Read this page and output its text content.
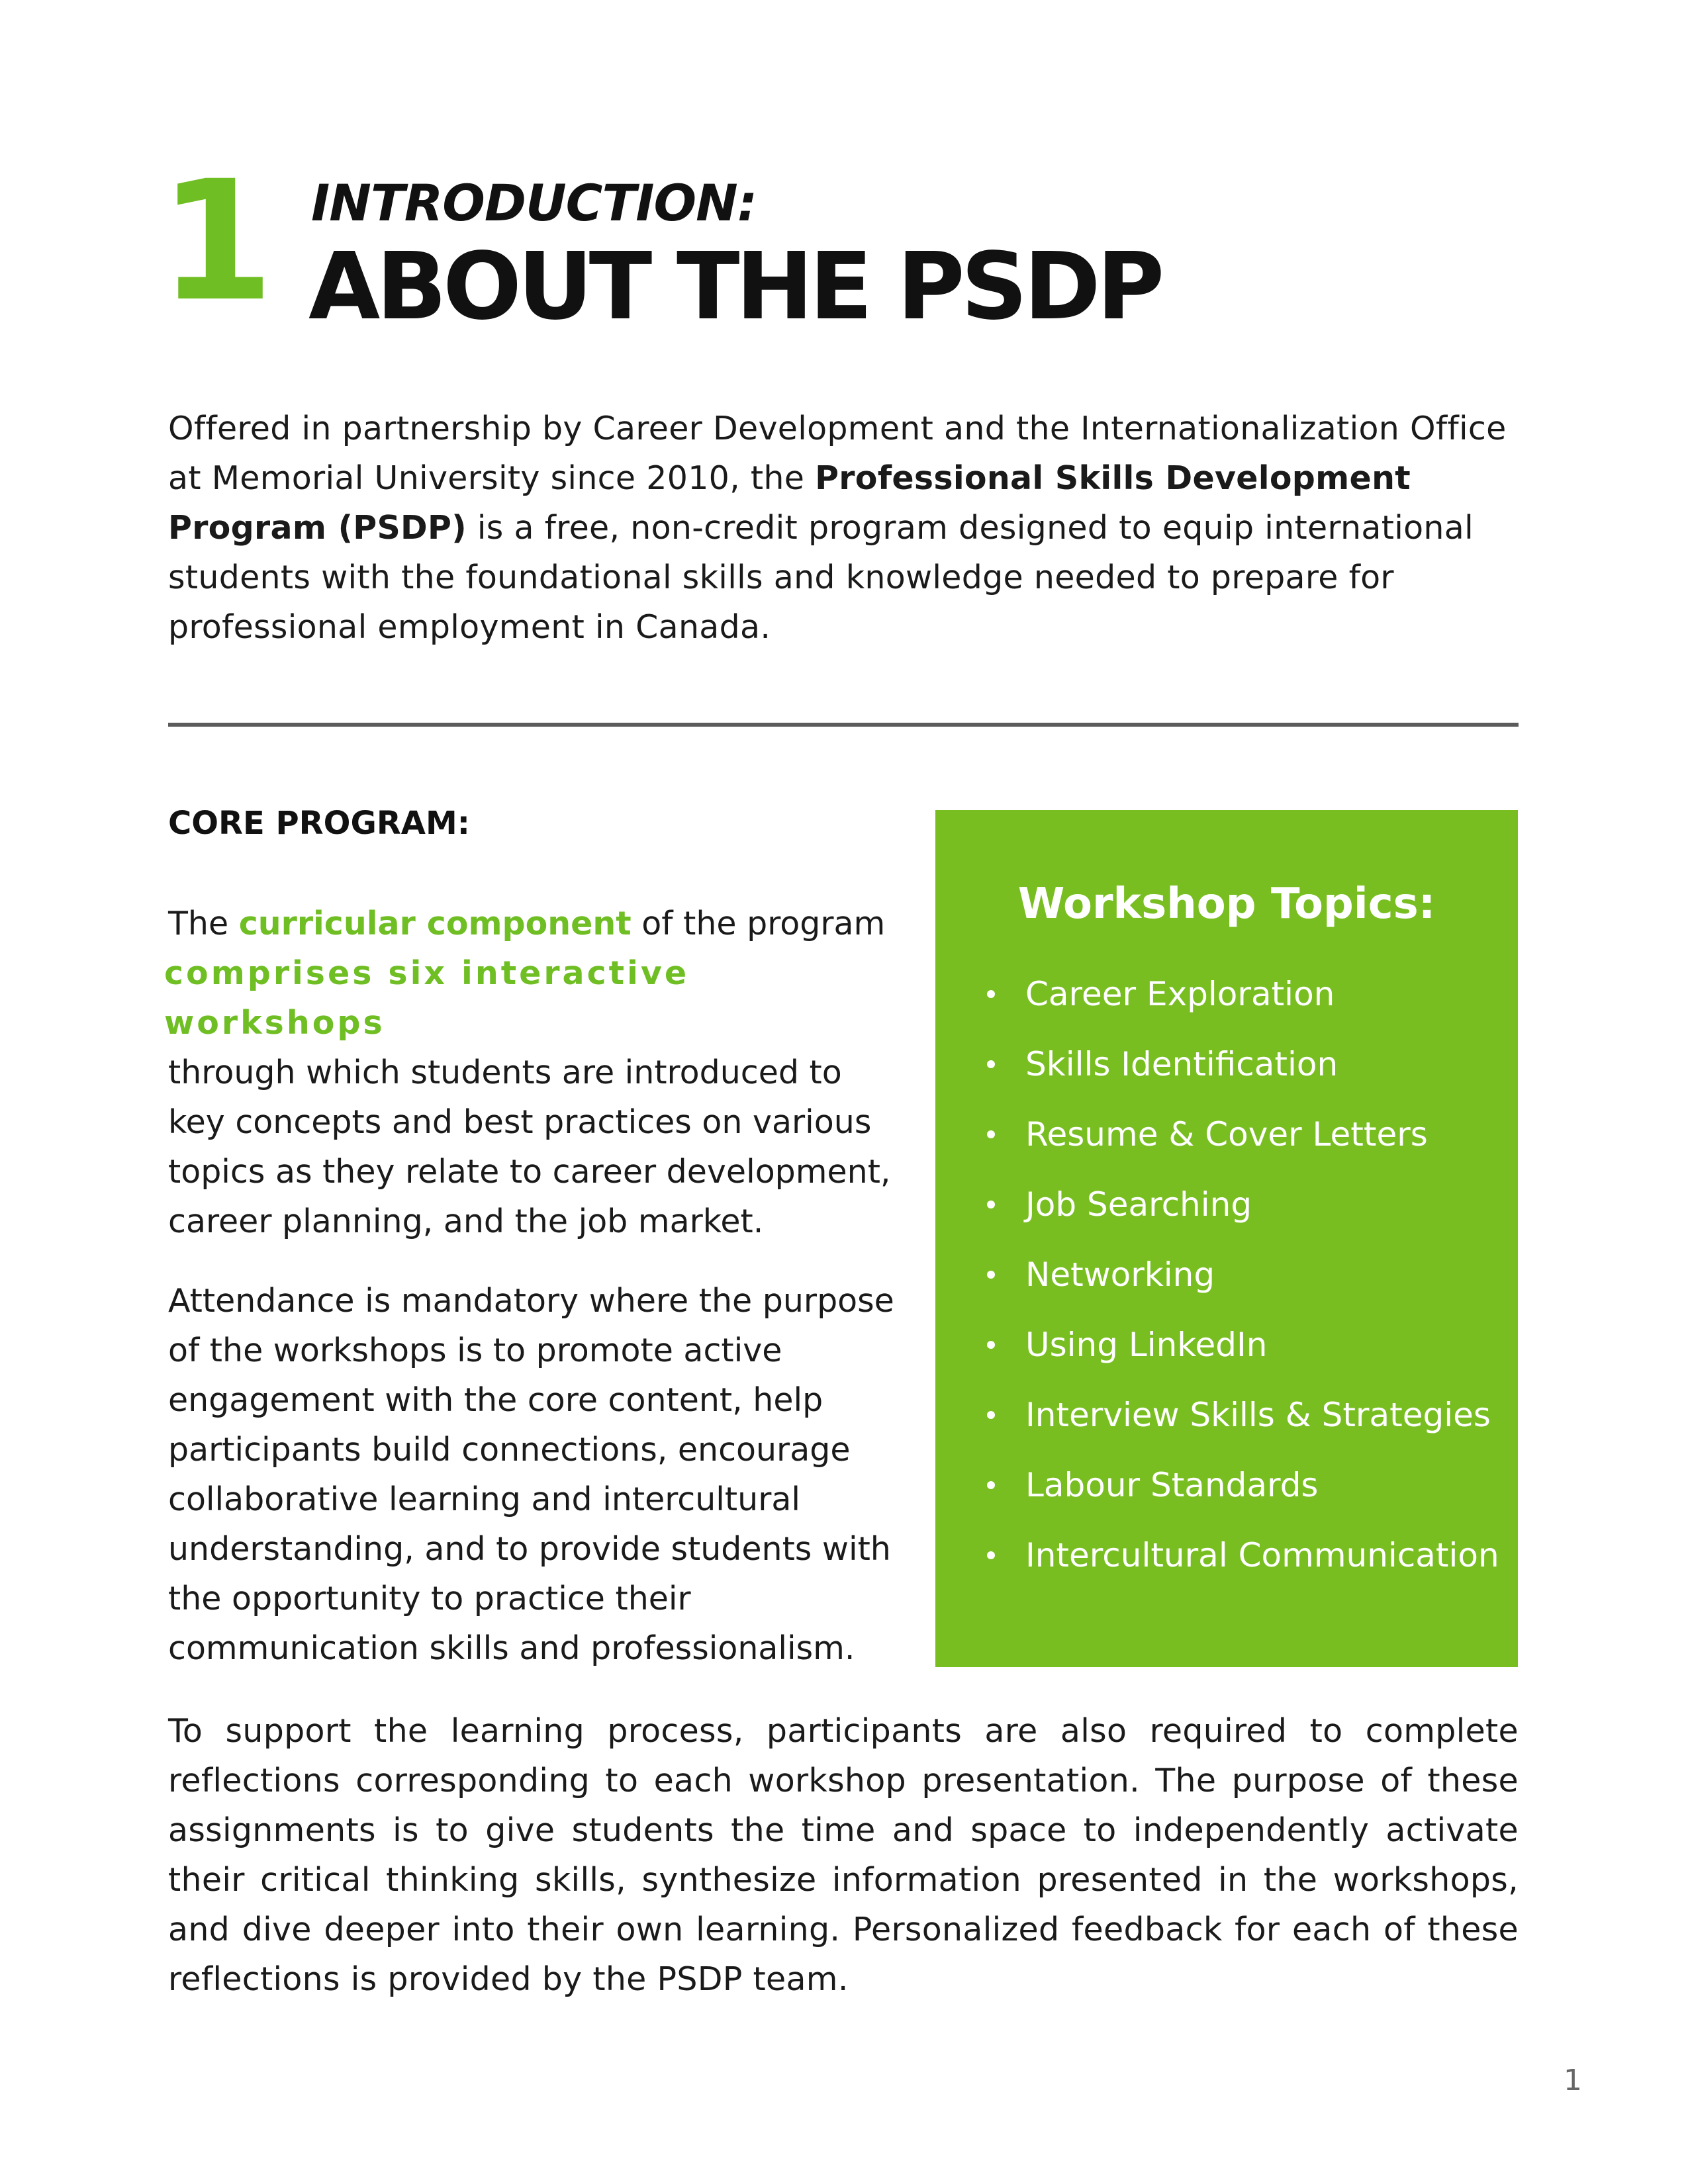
1 INTRODUCTION:
ABOUT THE PSDP
Offered in partnership by Career Development and the Internationalization Office at Memorial University since 2010, the Professional Skills Development Program (PSDP) is a free, non-credit program designed to equip international students with the foundational skills and knowledge needed to prepare for professional employment in Canada.
CORE PROGRAM:

The curricular component of the program comprises six interactive workshops through which students are introduced to key concepts and best practices on various topics as they relate to career development, career planning, and the job market.

Attendance is mandatory where the purpose of the workshops is to promote active engagement with the core content, help participants build connections, encourage collaborative learning and intercultural understanding, and to provide students with the opportunity to practice their communication skills and professionalism.

Workshop Topics:
Career Exploration
Skills Identification
Resume & Cover Letters
Job Searching
Networking
Using LinkedIn
Interview Skills & Strategies
Labour Standards
Intercultural Communication
To support the learning process, participants are also required to complete reflections corresponding to each workshop presentation. The purpose of these assignments is to give students the time and space to independently activate their critical thinking skills, synthesize information presented in the workshops, and dive deeper into their own learning. Personalized feedback for each of these reflections is provided by the PSDP team.
1
